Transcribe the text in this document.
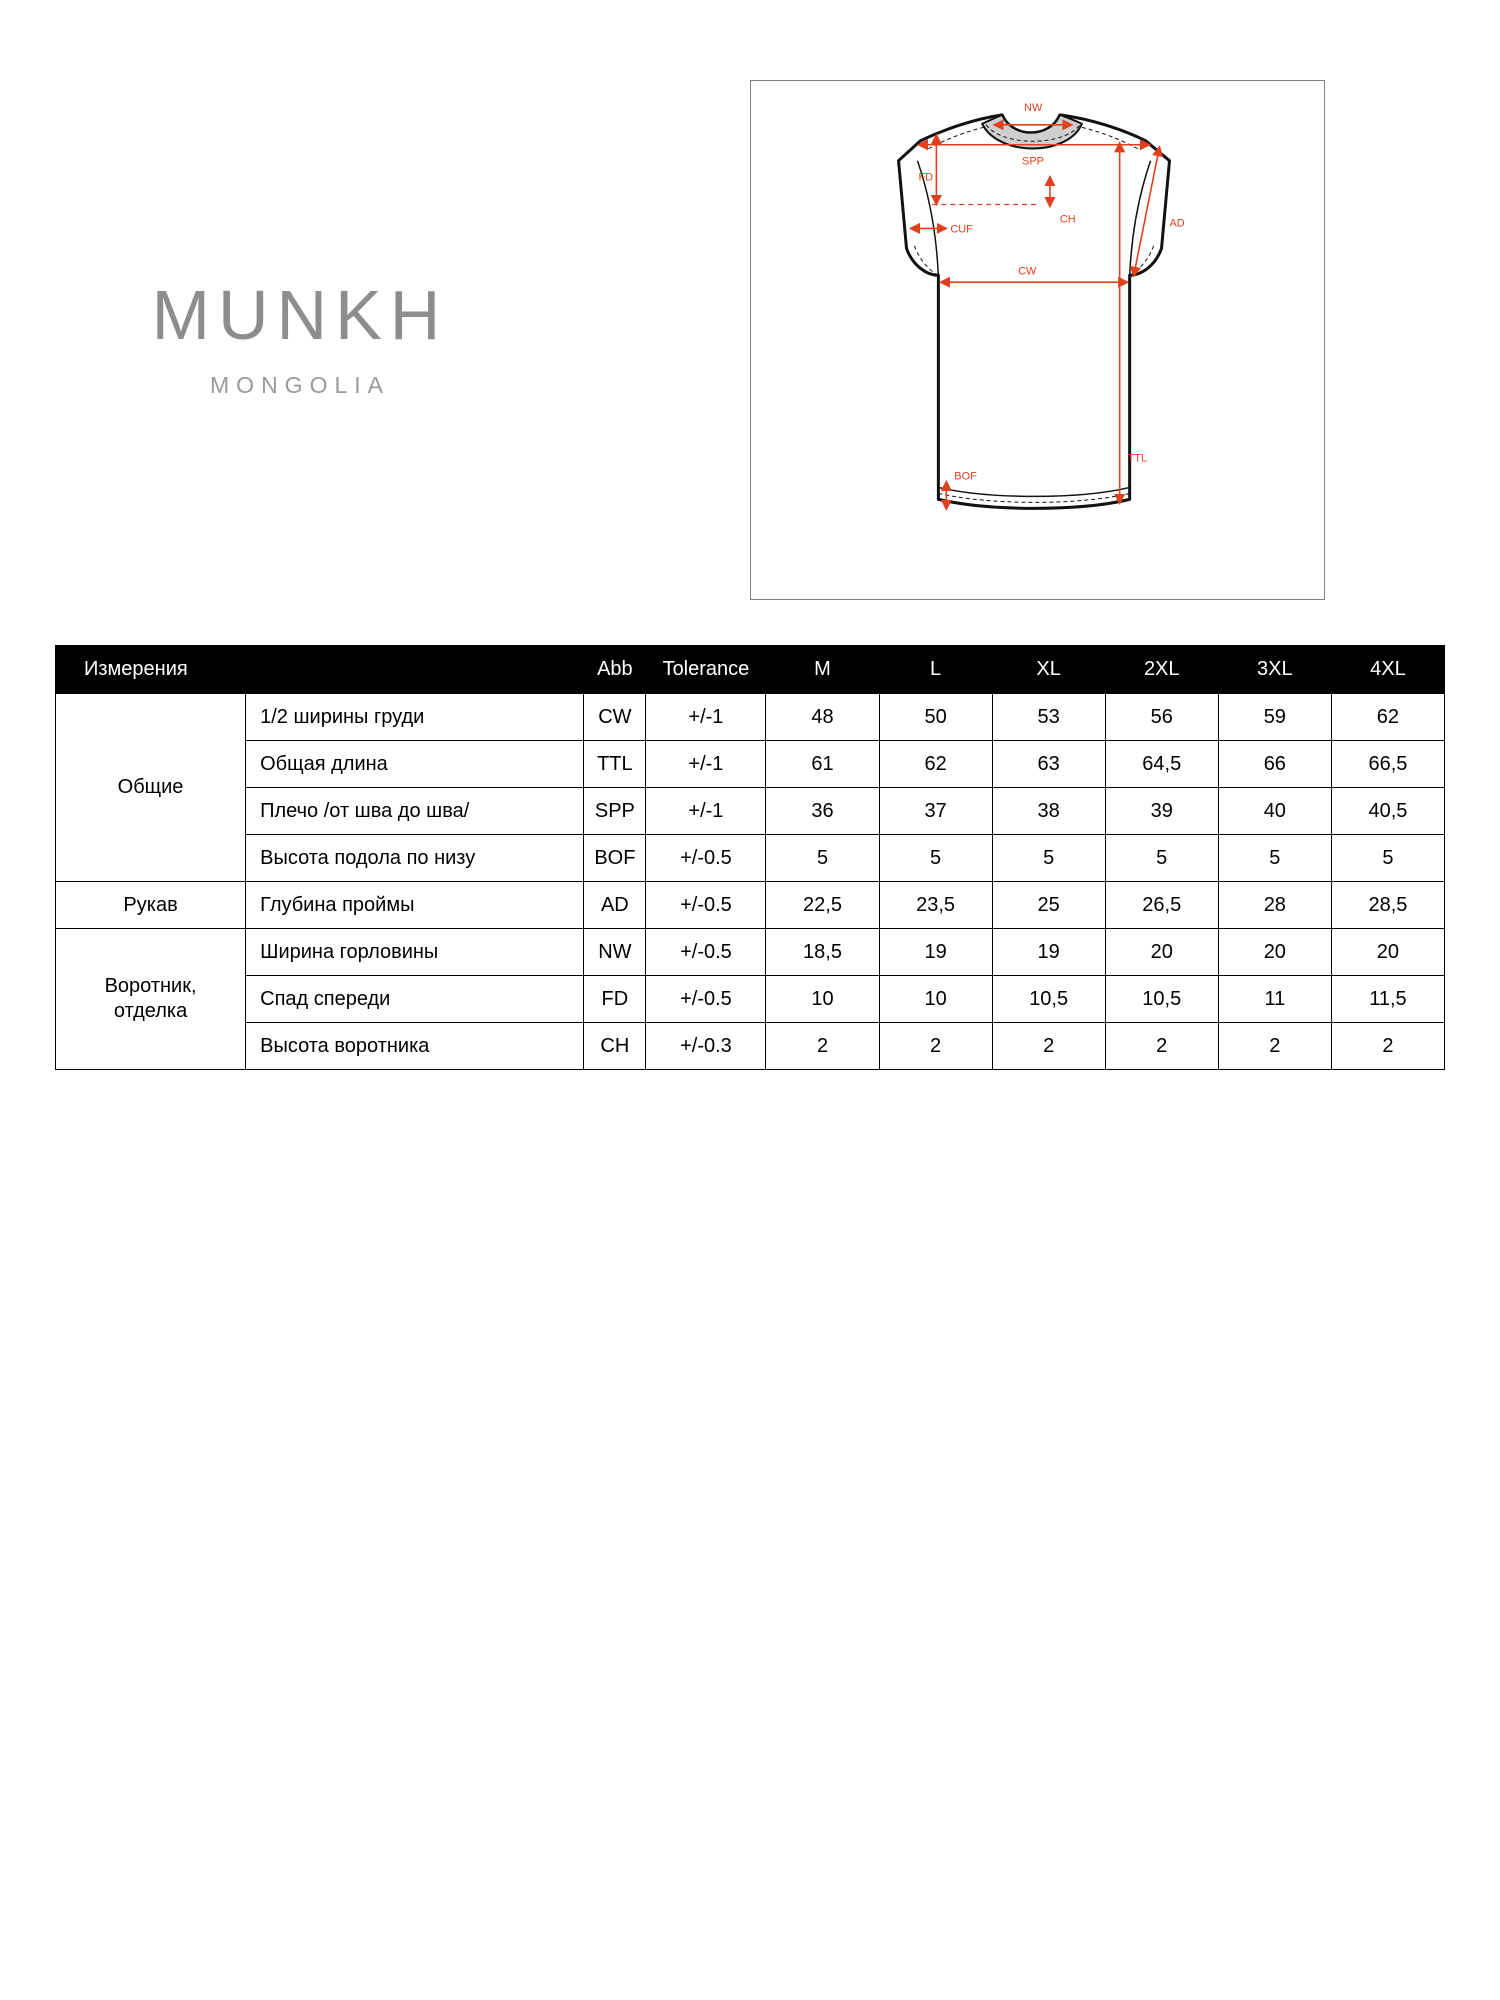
MUNKH
MONGOLIA
NW
SPP
FD
CH	AD
CUF
CW
TTL
BOF
Измерения		Abb	Tolerance	M	L	XL	2XL	3XL	4XL
Общие	1/2 ширины груди	CW	+/-1	48	50	53	56	59	62
	Общая длина	TTL	+/-1	61	62	63	64,5	66	66,5
	Плечо /от шва до шва/	SPP	+/-1	36	37	38	39	40	40,5
	Высота подола по низу	BOF	+/-0.5	5	5	5	5	5	5
Рукав	Глубина проймы	AD	+/-0.5	22,5	23,5	25	26,5	28	28,5
Воротник,
отделка	Ширина горловины	NW	+/-0.5	18,5	19	19	20	20	20
	Спад спереди	FD	+/-0.5	10	10	10,5	10,5	11	11,5
	Высота воротника	CH	+/-0.3	2	2	2	2	2	2
